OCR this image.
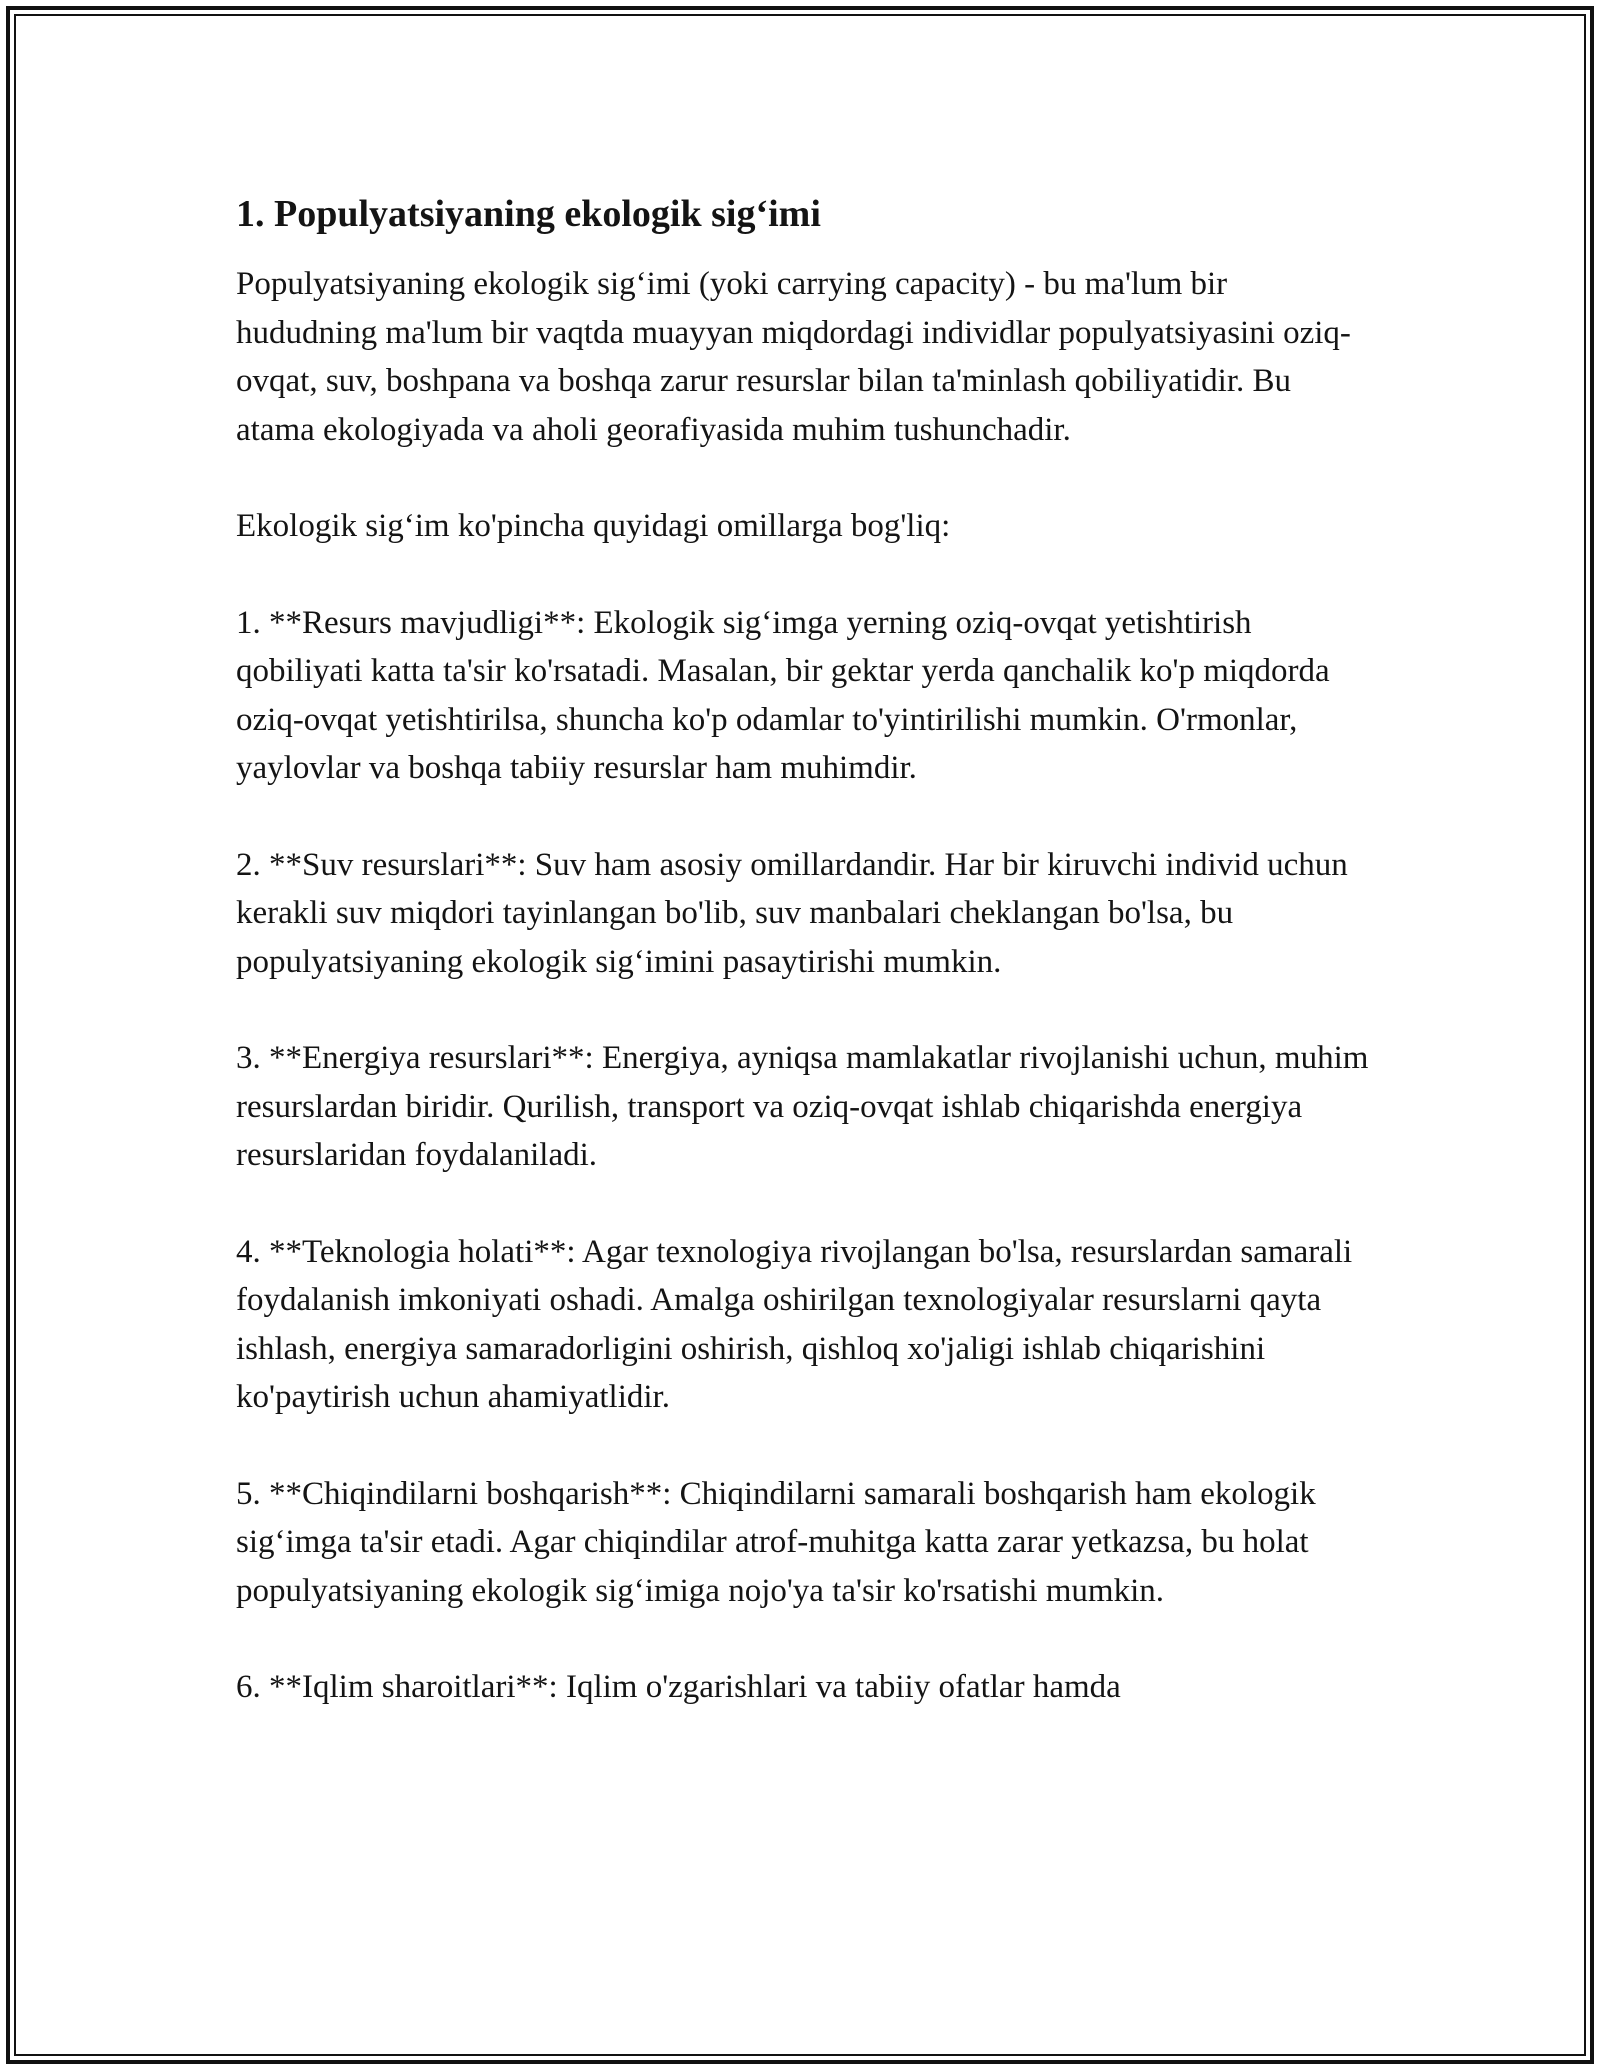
1. Populyatsiyaning ekologik sig‘imi

Populyatsiyaning ekologik sig‘imi (yoki carrying capacity) - bu ma'lum bir hududning ma'lum bir vaqtda muayyan miqdordagi individlar populyatsiyasini oziq-ovqat, suv, boshpana va boshqa zarur resurslar bilan ta'minlash qobiliyatidir. Bu atama ekologiyada va aholi georafiyasida muhim tushunchadir.

Ekologik sig‘im ko'pincha quyidagi omillarga bog'liq:

1. **Resurs mavjudligi**: Ekologik sig‘imga yerning oziq-ovqat yetishtirish qobiliyati katta ta'sir ko'rsatadi. Masalan, bir gektar yerda qanchalik ko'p miqdorda oziq-ovqat yetishtirilsa, shuncha ko'p odamlar to'yintirilishi mumkin. O'rmonlar, yaylovlar va boshqa tabiiy resurslar ham muhimdir.

2. **Suv resurslari**: Suv ham asosiy omillardandir. Har bir kiruvchi individ uchun kerakli suv miqdori tayinlangan bo'lib, suv manbalari cheklangan bo'lsa, bu populyatsiyaning ekologik sig‘imini pasaytirishi mumkin.

3. **Energiya resurslari**: Energiya, ayniqsa mamlakatlar rivojlanishi uchun, muhim resurslardan biridir. Qurilish, transport va oziq-ovqat ishlab chiqarishda energiya resurslaridan foydalaniladi.

4. **Teknologia holati**: Agar texnologiya rivojlangan bo'lsa, resurslardan samarali foydalanish imkoniyati oshadi. Amalga oshirilgan texnologiyalar resurslarni qayta ishlash, energiya samaradorligini oshirish, qishloq xo'jaligi ishlab chiqarishini ko'paytirish uchun ahamiyatlidir.

5. **Chiqindilarni boshqarish**: Chiqindilarni samarali boshqarish ham ekologik sig‘imga ta'sir etadi. Agar chiqindilar atrof-muhitga katta zarar yetkazsa, bu holat populyatsiyaning ekologik sig‘imiga nojo'ya ta'sir ko'rsatishi mumkin.

6. **Iqlim sharoitlari**: Iqlim o'zgarishlari va tabiiy ofatlar hamda
